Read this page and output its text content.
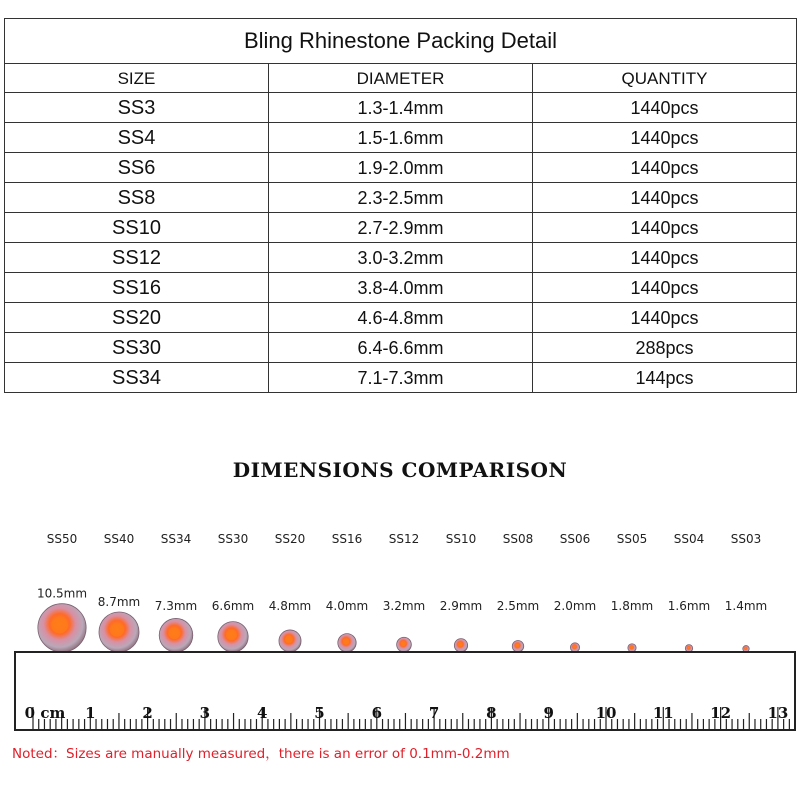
Bling Rhinestone Packing Detail		
SIZE	DIAMETER	QUANTITY
SS3	1.3-1.4mm	1440pcs
SS4	1.5-1.6mm	1440pcs
SS6	1.9-2.0mm	1440pcs
SS8	2.3-2.5mm	1440pcs
SS10	2.7-2.9mm	1440pcs
SS12	3.0-3.2mm	1440pcs
SS16	3.8-4.0mm	1440pcs
SS20	4.6-4.8mm	1440pcs
SS30	6.4-6.6mm	288pcs
SS34	7.1-7.3mm	144pcs
DIMENSIONS COMPARISON
SS50
10.5mm
SS40
8.7mm
SS34
7.3mm
SS30
6.6mm
SS20
4.8mm
SS16
4.0mm
SS12
3.2mm
SS10
2.9mm
SS08
2.5mm
SS06
2.0mm
SS05
1.8mm
SS04
1.6mm
SS03
1.4mm
0 cm 1	2	3	4	5	6	7	8	9	10 11 12 13
Noted：Sizes are manually measured，there is an error of 0.1mm-0.2mm
